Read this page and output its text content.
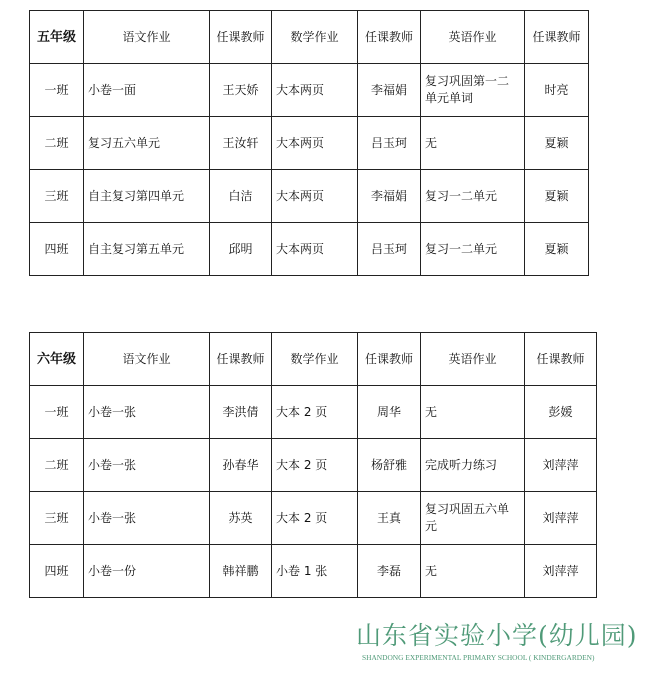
五年级	语文作业	任课教师	数学作业	任课教师	英语作业	任课教师
一班	小卷一面	王天娇	大本两页	李福娟	复习巩固第一二单元单词	时亮
二班	复习五六单元	王汝轩	大本两页	吕玉珂	无	夏颖
三班	自主复习第四单元	白洁	大本两页	李福娟	复习一二单元	夏颖
四班	自主复习第五单元	邱明	大本两页	吕玉珂	复习一二单元	夏颖
六年级	语文作业	任课教师	数学作业	任课教师	英语作业	任课教师
一班	小卷一张	李洪倩	大本 2 页	周华	无	彭媛
二班	小卷一张	孙春华	大本 2 页	杨舒雅	完成听力练习	刘萍萍
三班	小卷一张	苏英	大本 2 页	王真	复习巩固五六单元	刘萍萍
四班	小卷一份	韩祥鹏	小卷 1 张	李磊	无	刘萍萍
山东省实验小学(幼儿园)
SHANDONG EXPERIMENTAL PRIMARY SCHOOL ( KINDERGARDEN)
